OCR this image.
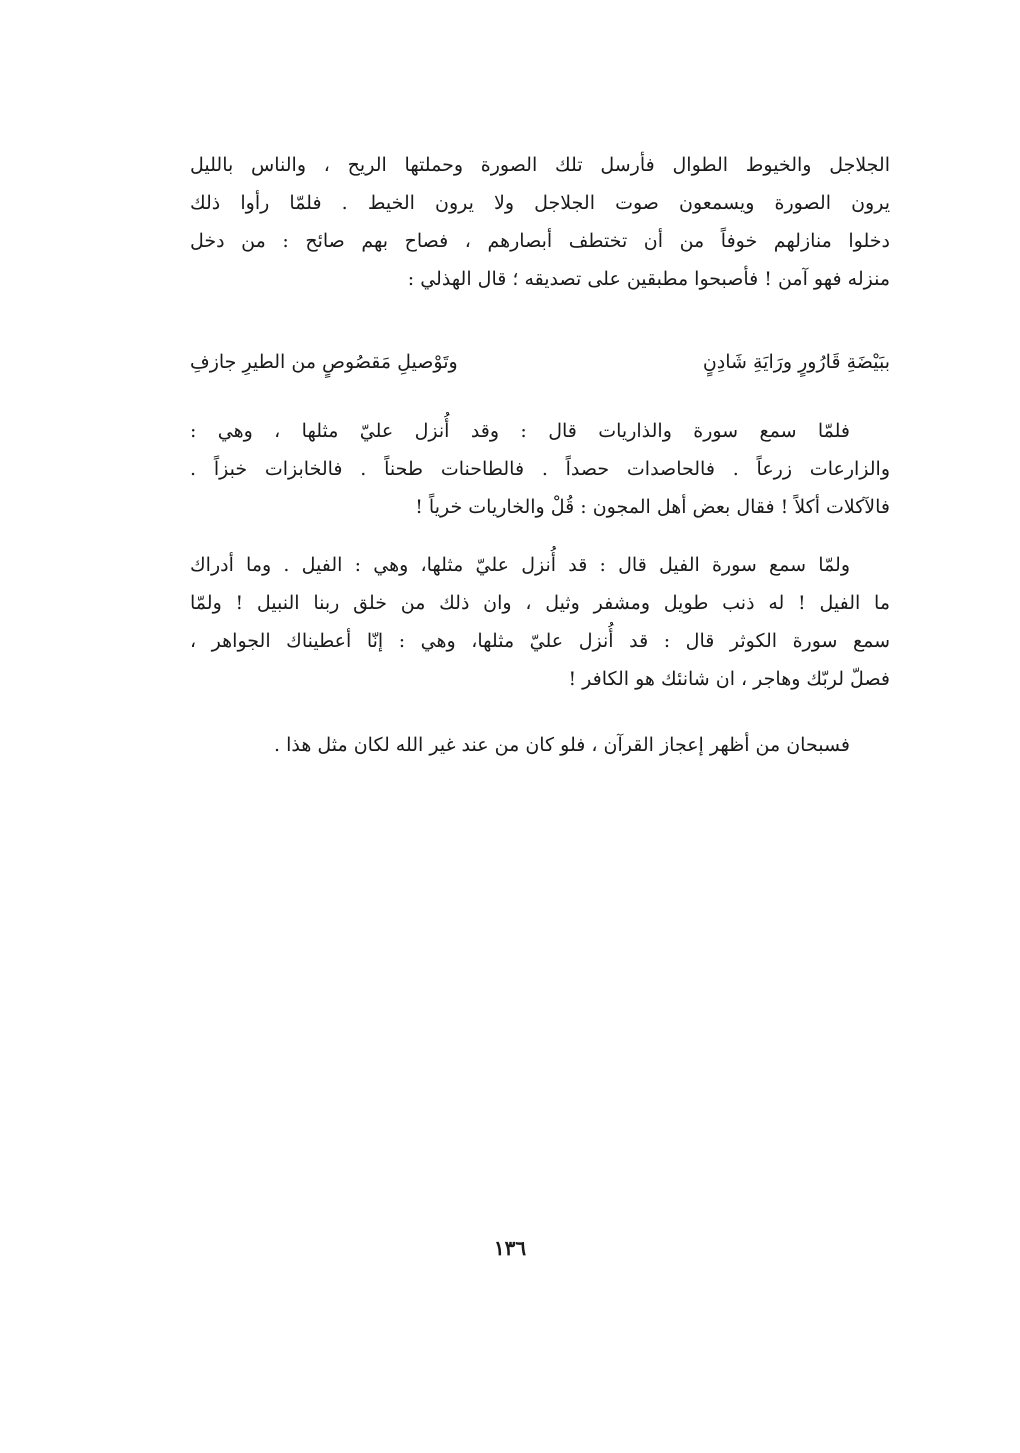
الجلاجل والخيوط الطوال فأرسل تلك الصورة وحملتها الريح ، والناس بالليل
يرون الصورة ويسمعون صوت الجلاجل ولا يرون الخيط . فلمّا رأوا ذلك
دخلوا منازلهم خوفاً من أن تختطف أبصارهم ، فصاح بهم صائح : من دخل
منزله فهو آمن ! فأصبحوا مطبقين على تصديقه ؛ قال الهذلي :
ببَيْضَةِ قَارُورٍ ورَايَةِ شَادِنٍ
وتَوْصيلِ مَقصُوصٍ من الطيرِ جازفِ
فلمّا سمع سورة والذاريات قال : وقد أُنزل عليّ مثلها ، وهي :
والزارعات زرعاً . فالحاصدات حصداً . فالطاحنات طحناً . فالخابزات خبزاً .
فالآكلات أكلاً ! فقال بعض أهل المجون : قُلْ والخاريات خرياً !
ولمّا سمع سورة الفيل قال : قد أُنزل عليّ مثلها، وهي : الفيل . وما أدراك
ما الفيل ! له ذنب طويل ومشفر وثيل ، وان ذلك من خلق ربنا النبيل ! ولمّا
سمع سورة الكوثر قال : قد أُنزل عليّ مثلها، وهي : إنّا أعطيناك الجواهر ،
فصلّ لربّك وهاجر ، ان شانئك هو الكافر !
فسبحان من أظهر إعجاز القرآن ، فلو كان من عند غير الله لكان مثل هذا .
١٣٦
